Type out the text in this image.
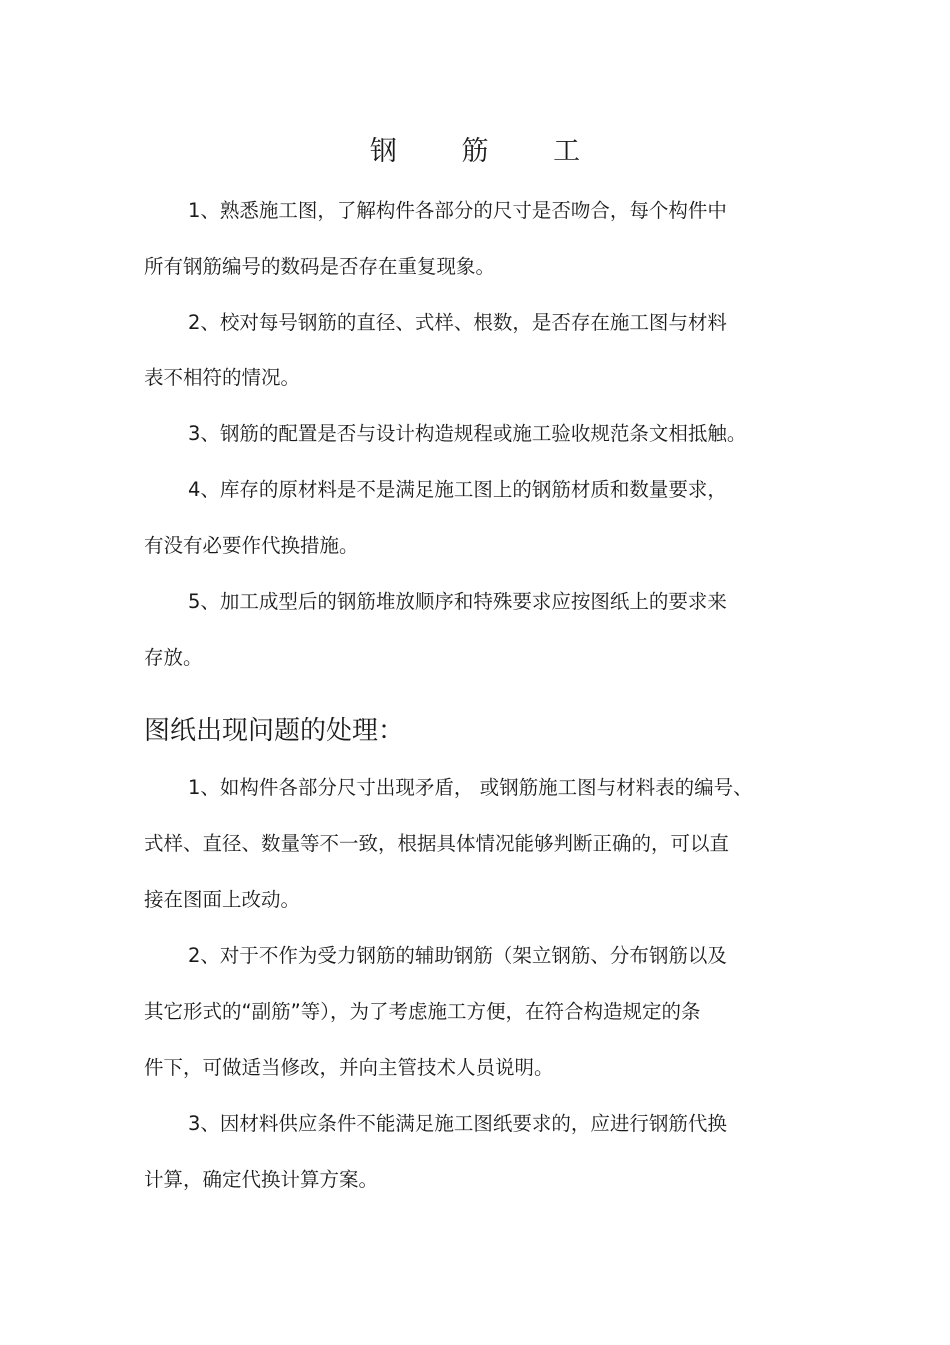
钢 筋 工
1、熟悉施工图，了解构件各部分的尺寸是否吻合，每个构件中
所有钢筋编号的数码是否存在重复现象。
2、校对每号钢筋的直径、式样、根数，是否存在施工图与材料
表不相符的情况。
3、钢筋的配置是否与设计构造规程或施工验收规范条文相抵触。
4、库存的原材料是不是满足施工图上的钢筋材质和数量要求，
有没有必要作代换措施。
5、加工成型后的钢筋堆放顺序和特殊要求应按图纸上的要求来
存放。
图纸出现问题的处理：
1、如构件各部分尺寸出现矛盾， 或钢筋施工图与材料表的编号、
式样、直径、数量等不一致，根据具体情况能够判断正确的，可以直
接在图面上改动。
2、对于不作为受力钢筋的辅助钢筋（架立钢筋、分布钢筋以及
其它形式的“副筋”等），为了考虑施工方便，在符合构造规定的条
件下，可做适当修改，并向主管技术人员说明。
3、因材料供应条件不能满足施工图纸要求的，应进行钢筋代换
计算，确定代换计算方案。
